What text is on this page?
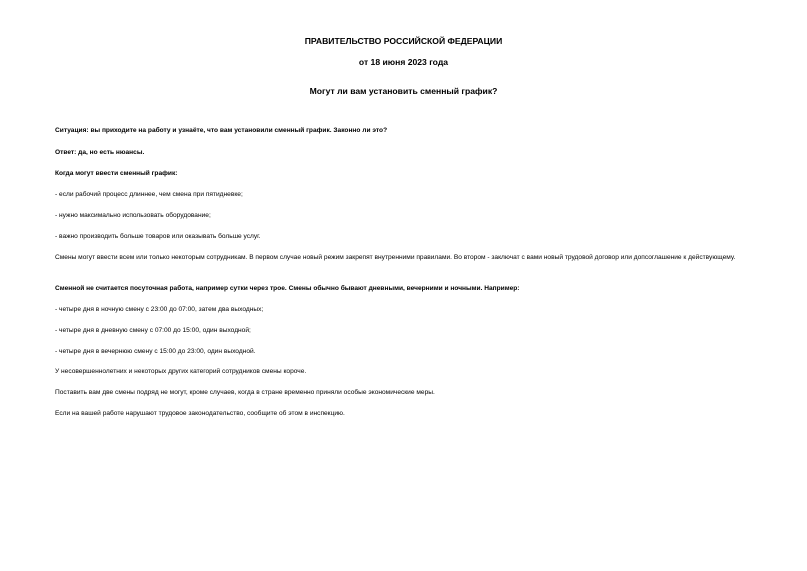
ПРАВИТЕЛЬСТВО РОССИЙСКОЙ ФЕДЕРАЦИИ
от 18 июня 2023 года
Могут ли вам установить сменный график?
Ситуация: вы приходите на работу и узнаёте, что вам установили сменный график. Законно ли это?
Ответ: да, но есть нюансы.
Когда могут ввести сменный график:
- если рабочий процесс длиннее, чем смена при пятидневке;
- нужно максимально использовать оборудование;
- важно производить больше товаров или оказывать больше услуг.
Смены могут ввести всем или только некоторым сотрудникам. В первом случае новый режим закрепят внутренними правилами. Во втором - заключат с вами новый трудовой договор или допсоглашение к действующему.
Сменной не считается посуточная работа, например сутки через трое. Смены обычно бывают дневными, вечерними и ночными. Например:
- четыре дня в ночную смену с 23:00 до 07:00, затем два выходных;
- четыре дня в дневную смену с 07:00 до 15:00, один выходной;
- четыре дня в вечернюю смену с 15:00 до 23:00, один выходной.
У несовершеннолетних и некоторых других категорий сотрудников смены короче.
Поставить вам две смены подряд не могут, кроме случаев, когда в стране временно приняли особые экономические меры.
Если на вашей работе нарушают трудовое законодательство, сообщите об этом в инспекцию.
